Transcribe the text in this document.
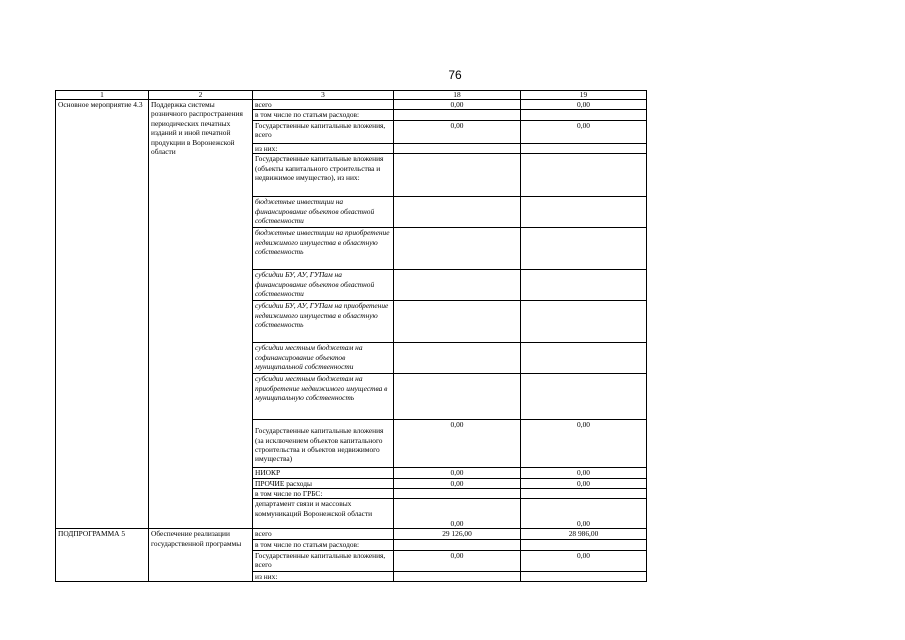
76
1	2	3	18	19
Основное мероприятие 4.3	Поддержка системы розничного распространения периодических печатных изданий и иной печатной продукции в Воронежской области	всего	0,00	0,00
		в том числе по статьям расходов:		
		Государственные капитальные вложения, всего	0,00	0,00
		из них:		
		Государственные капитальные вложения (объекты капитального строительства и недвижимое имущество), из них:		
		бюджетные инвестиции на финансирование объектов областной собственности		
		бюджетные инвестиции на приобретение недвижимого имущества в областную собственность		
		субсидии БУ, АУ, ГУПам на финансирование объектов областной собственности		
		субсидии БУ, АУ, ГУПам на приобретение недвижимого имущества в областную собственность		
		субсидии местным бюджетам на софинансирование объектов муниципальной собственности		
		субсидии местным бюджетам на приобретение недвижимого имущества в муниципальную собственность		
		Государственные капитальные вложения (за исключением объектов капитального строительства и объектов недвижимого имущества)	0,00	0,00
		НИОКР	0,00	0,00
		ПРОЧИЕ расходы	0,00	0,00
		в том числе по ГРБС:		
		департамент связи и массовых коммуникаций Воронежской области	0,00	0,00
ПОДПРОГРАММА 5	Обеспечение реализации государственной программы	всего	29 126,00	28 986,00
		в том числе по статьям расходов:		
		Государственные капитальные вложения, всего	0,00	0,00
		из них:		
